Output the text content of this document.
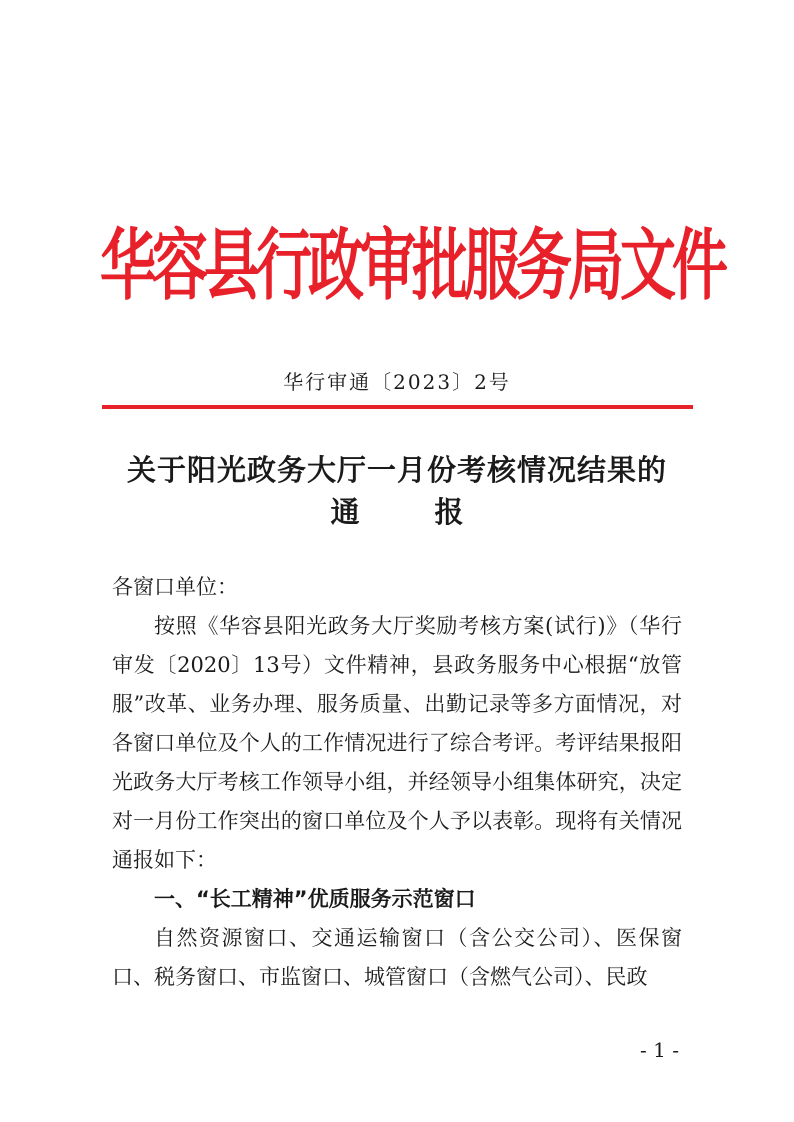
华容县行政审批服务局文件
华行审通〔2023〕2号
关于阳光政务大厅一月份考核情况结果的
通	报
各窗口单位：
按照《华容县阳光政务大厅奖励考核方案(试行)》（华行审发〔2020〕13号）文件精神，县政务服务中心根据“放管服”改革、业务办理、服务质量、出勤记录等多方面情况，对各窗口单位及个人的工作情况进行了综合考评。考评结果报阳光政务大厅考核工作领导小组，并经领导小组集体研究，决定对一月份工作突出的窗口单位及个人予以表彰。现将有关情况通报如下：
一、“长工精神”优质服务示范窗口
自然资源窗口、交通运输窗口（含公交公司）、医保窗口、税务窗口、市监窗口、城管窗口（含燃气公司）、民政
- 1 -
